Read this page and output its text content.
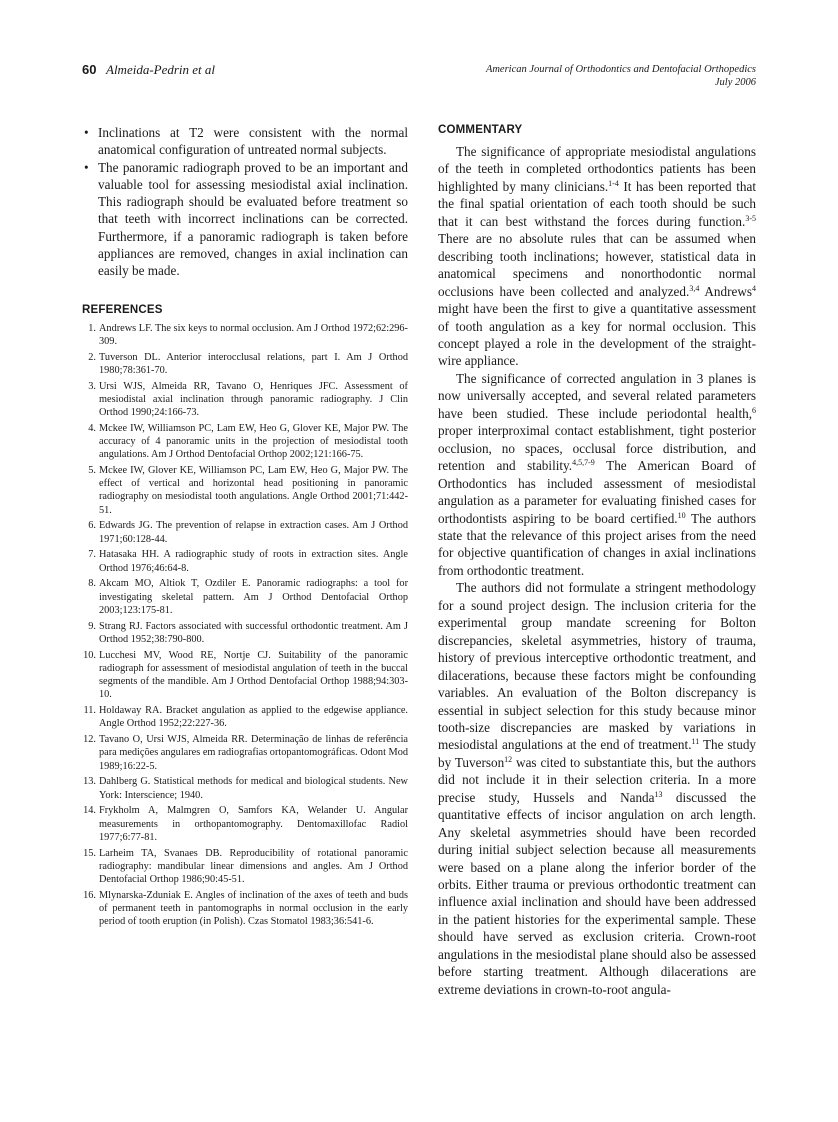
60 Almeida-Pedrin et al	American Journal of Orthodontics and Dentofacial Orthopedics
July 2006
• Inclinations at T2 were consistent with the normal anatomical configuration of untreated normal subjects.
• The panoramic radiograph proved to be an important and valuable tool for assessing mesiodistal axial inclination. This radiograph should be evaluated before treatment so that teeth with incorrect inclinations can be corrected. Furthermore, if a panoramic radiograph is taken before appliances are removed, changes in axial inclination can easily be made.
REFERENCES
1. Andrews LF. The six keys to normal occlusion. Am J Orthod 1972;62:296-309.
2. Tuverson DL. Anterior interocclusal relations, part I. Am J Orthod 1980;78:361-70.
3. Ursi WJS, Almeida RR, Tavano O, Henriques JFC. Assessment of mesiodistal axial inclination through panoramic radiography. J Clin Orthod 1990;24:166-73.
4. Mckee IW, Williamson PC, Lam EW, Heo G, Glover KE, Major PW. The accuracy of 4 panoramic units in the projection of mesiodistal tooth angulations. Am J Orthod Dentofacial Orthop 2002;121:166-75.
5. Mckee IW, Glover KE, Williamson PC, Lam EW, Heo G, Major PW. The effect of vertical and horizontal head positioning in panoramic radiography on mesiodistal tooth angulations. Angle Orthod 2001;71:442-51.
6. Edwards JG. The prevention of relapse in extraction cases. Am J Orthod 1971;60:128-44.
7. Hatasaka HH. A radiographic study of roots in extraction sites. Angle Orthod 1976;46:64-8.
8. Akcam MO, Altiok T, Ozdiler E. Panoramic radiographs: a tool for investigating skeletal pattern. Am J Orthod Dentofacial Orthop 2003;123:175-81.
9. Strang RJ. Factors associated with successful orthodontic treatment. Am J Orthod 1952;38:790-800.
10. Lucchesi MV, Wood RE, Nortje CJ. Suitability of the panoramic radiograph for assessment of mesiodistal angulation of teeth in the buccal segments of the mandible. Am J Orthod Dentofacial Orthop 1988;94:303-10.
11. Holdaway RA. Bracket angulation as applied to the edgewise appliance. Angle Orthod 1952;22:227-36.
12. Tavano O, Ursi WJS, Almeida RR. Determinação de linhas de referência para medições angulares em radiografias ortopantomográficas. Odont Mod 1989;16:22-5.
13. Dahlberg G. Statistical methods for medical and biological students. New York: Interscience; 1940.
14. Frykholm A, Malmgren O, Samfors KA, Welander U. Angular measurements in orthopantomography. Dentomaxillofac Radiol 1977;6:77-81.
15. Larheim TA, Svanaes DB. Reproducibility of rotational panoramic radiography: mandibular linear dimensions and angles. Am J Orthod Dentofacial Orthop 1986;90:45-51.
16. Mlynarska-Zduniak E. Angles of inclination of the axes of teeth and buds of permanent teeth in pantomographs in normal occlusion in the early period of tooth eruption (in Polish). Czas Stomatol 1983;36:541-6.
COMMENTARY

The significance of appropriate mesiodistal angulations of the teeth in completed orthodontics patients has been highlighted by many clinicians.$^{1-4}$ It has been reported that the final spatial orientation of each tooth should be such that it can best withstand the forces during function.$^{3-5}$ There are no absolute rules that can be assumed when describing tooth inclinations; however, statistical data in anatomical specimens and nonorthodontic normal occlusions have been collected and analyzed.$^{3,4}$ Andrews$^4$ might have been the first to give a quantitative assessment of tooth angulation as a key for normal occlusion. This concept played a role in the development of the straight-wire appliance.

The significance of corrected angulation in 3 planes is now universally accepted, and several related parameters have been studied. These include periodontal health,$^6$ proper interproximal contact establishment, tight posterior occlusion, no spaces, occlusal force distribution, and retention and stability.$^{4,5,7-9}$ The American Board of Orthodontics has included assessment of mesiodistal angulation as a parameter for evaluating finished cases for orthodontists aspiring to be board certified.$^{10}$ The authors state that the relevance of this project arises from the need for objective quantification of changes in axial inclinations from orthodontic treatment.

The authors did not formulate a stringent methodology for a sound project design. The inclusion criteria for the experimental group mandate screening for Bolton discrepancies, skeletal asymmetries, history of trauma, history of previous interceptive orthodontic treatment, and dilacerations, because these factors might be confounding variables. An evaluation of the Bolton discrepancy is essential in subject selection for this study because minor tooth-size discrepancies are masked by variations in mesiodistal angulations at the end of treatment.$^{11}$ The study by Tuverson$^{12}$ was cited to substantiate this, but the authors did not include it in their selection criteria. In a more precise study, Hussels and Nanda$^{13}$ discussed the quantitative effects of incisor angulation on arch length. Any skeletal asymmetries should have been recorded during initial subject selection because all measurements were based on a plane along the inferior border of the orbits. Either trauma or previous orthodontic treatment can influence axial inclination and should have been addressed in the patient histories for the experimental sample. These should have served as exclusion criteria. Crown-root angulations in the mesiodistal plane should also be assessed before starting treatment. Although dilacerations are extreme deviations in crown-to-root angula-
